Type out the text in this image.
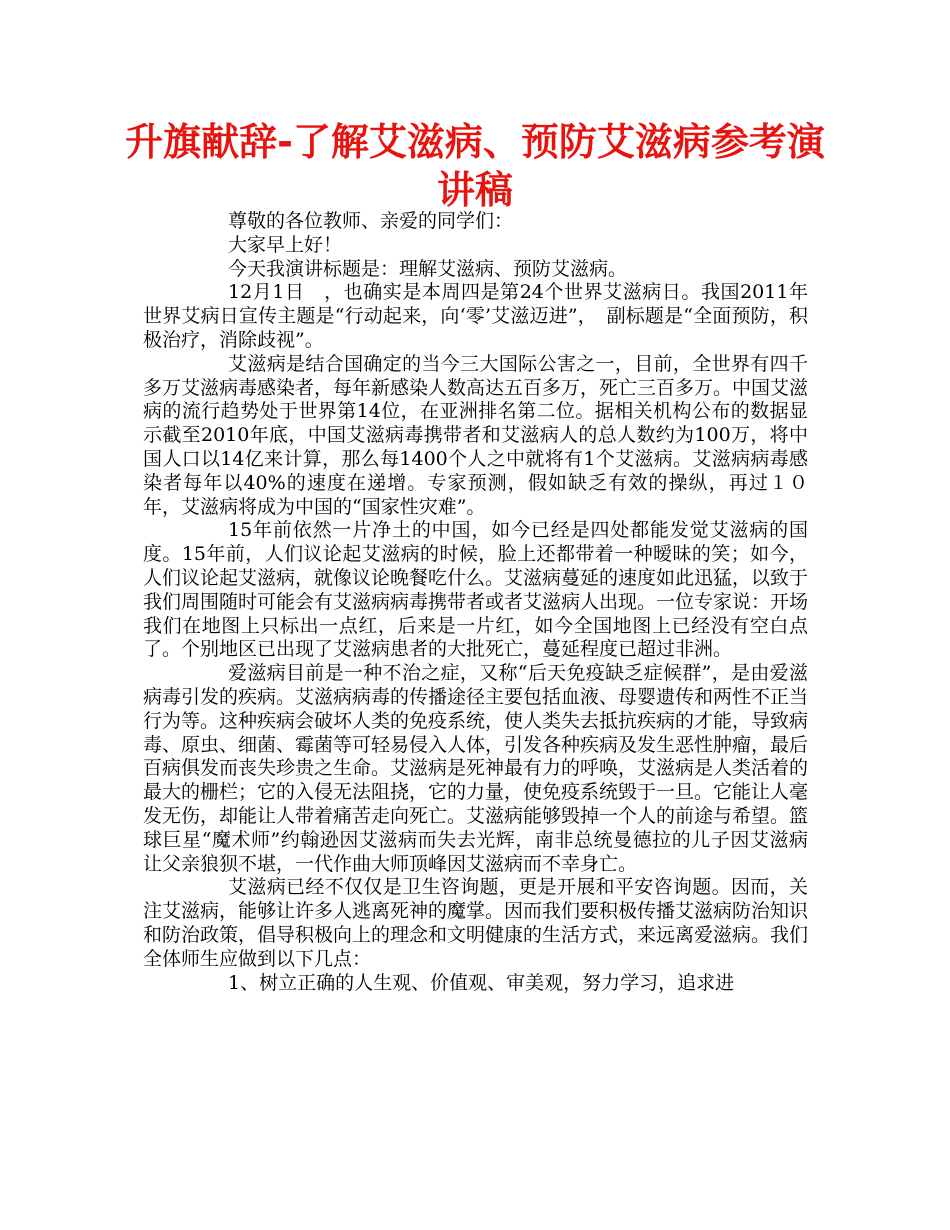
升旗献辞-了解艾滋病、预防艾滋病参考演讲稿

尊敬的各位教师、亲爱的同学们：

大家早上好！

今天我演讲标题是：理解艾滋病、预防艾滋病。

12月1日　，也确实是本周四是第24个世界艾滋病日。我国2011年世界艾病日宣传主题是“行动起来，向‘零’艾滋迈进”，　副标题是“全面预防，积极治疗，消除歧视”。

艾滋病是结合国确定的当今三大国际公害之一，目前，全世界有四千多万艾滋病毒感染者，每年新感染人数高达五百多万，死亡三百多万。中国艾滋病的流行趋势处于世界第14位，在亚洲排名第二位。据相关机构公布的数据显示截至2010年底，中国艾滋病毒携带者和艾滋病人的总人数约为100万，将中国人口以14亿来计算，那么每1400个人之中就将有1个艾滋病。艾滋病病毒感染者每年以40%的速度在递增。专家预测，假如缺乏有效的操纵，再过１０年，艾滋病将成为中国的“国家性灾难”。

15年前依然一片净土的中国，如今已经是四处都能发觉艾滋病的国度。15年前，人们议论起艾滋病的时候，脸上还都带着一种暧昧的笑；如今，人们议论起艾滋病，就像议论晚餐吃什么。艾滋病蔓延的速度如此迅猛，以致于我们周围随时可能会有艾滋病病毒携带者或者艾滋病人出现。一位专家说：开场我们在地图上只标出一点红，后来是一片红，如今全国地图上已经没有空白点了。个别地区已出现了艾滋病患者的大批死亡，蔓延程度已超过非洲。

爱滋病目前是一种不治之症，又称“后天免疫缺乏症候群”，是由爱滋病毒引发的疾病。艾滋病病毒的传播途径主要包括血液、母婴遗传和两性不正当行为等。这种疾病会破坏人类的免疫系统，使人类失去抵抗疾病的才能，导致病毒、原虫、细菌、霉菌等可轻易侵入人体，引发各种疾病及发生恶性肿瘤，最后百病俱发而丧失珍贵之生命。艾滋病是死神最有力的呼唤，艾滋病是人类活着的最大的栅栏；它的入侵无法阻挠，它的力量，使免疫系统毁于一旦。它能让人毫发无伤，却能让人带着痛苦走向死亡。艾滋病能够毁掉一个人的前途与希望。篮球巨星“魔术师”约翰逊因艾滋病而失去光辉，南非总统曼德拉的儿子因艾滋病让父亲狼狈不堪，一代作曲大师顶峰因艾滋病而不幸身亡。

艾滋病已经不仅仅是卫生咨询题，更是开展和平安咨询题。因而，关注艾滋病，能够让许多人逃离死神的魔掌。因而我们要积极传播艾滋病防治知识和防治政策，倡导积极向上的理念和文明健康的生活方式，来远离爱滋病。我们全体师生应做到以下几点：

1、树立正确的人生观、价值观、审美观，努力学习，追求进
